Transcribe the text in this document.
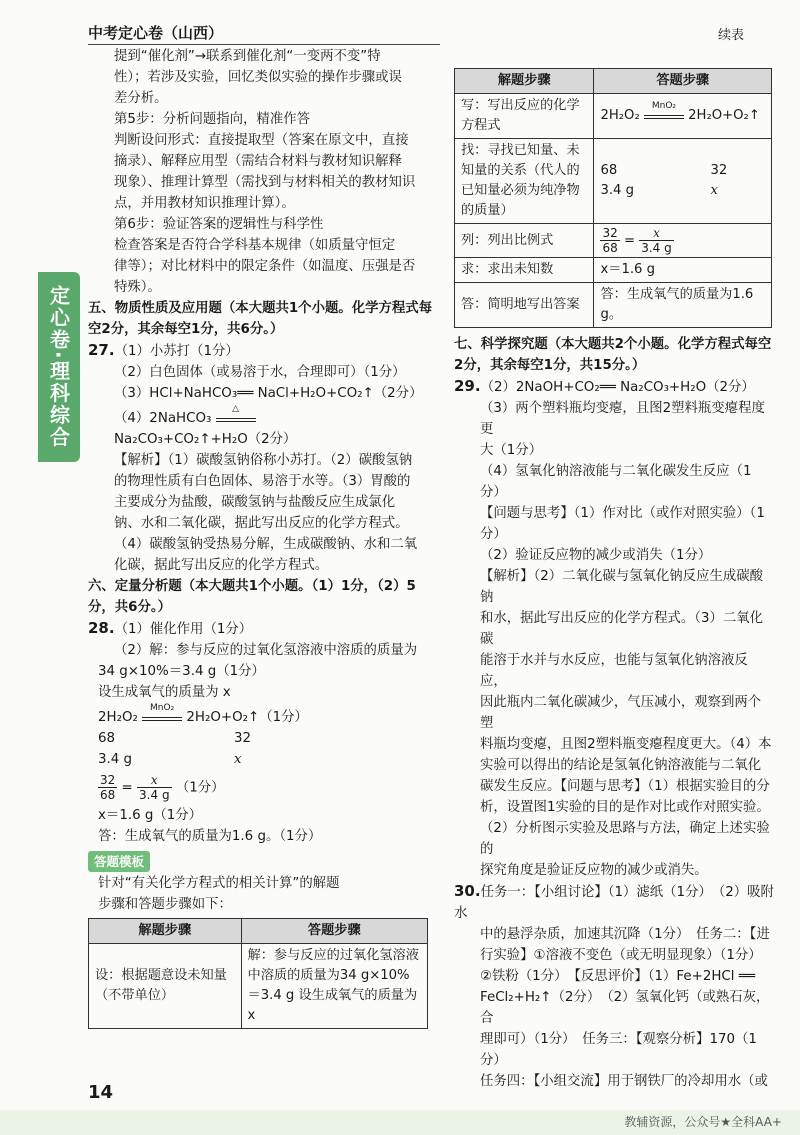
中考定心卷（山西）	续表
定心卷·理科综合

提到“催化剂”→联系到催化剂“一变两不变”特

性）；若涉及实验，回忆类似实验的操作步骤或误

差分析。

第5步：分析问题指向，精准作答

判断设问形式：直接提取型（答案在原文中，直接

摘录）、解释应用型（需结合材料与教材知识解释

现象）、推理计算型（需找到与材料相关的教材知识

点，并用教材知识推理计算）。

第6步：验证答案的逻辑性与科学性

检查答案是否符合学科基本规律（如质量守恒定

律等）；对比材料中的限定条件（如温度、压强是否

特殊）。

五、物质性质及应用题（本大题共1个小题。化学方程式每空2分，其余每空1分，共6分。）

27.（1）小苏打（1分）

（2）白色固体（或易溶于水，合理即可）（1分）

（3）HCl+NaHCO₃══ NaCl+H₂O+CO₂↑（2分）

（4）2NaHCO₃
△
Na₂CO₃+CO₂↑+H₂O（2分）

【解析】（1）碳酸氢钠俗称小苏打。（2）碳酸氢钠

的物理性质有白色固体、易溶于水等。（3）胃酸的

主要成分为盐酸，碳酸氢钠与盐酸反应生成氯化

钠、水和二氧化碳，据此写出反应的化学方程式。

（4）碳酸氢钠受热易分解，生成碳酸钠、水和二氧

化碳，据此写出反应的化学方程式。

六、定量分析题（本大题共1个小题。（1）1分，（2）5分，共6分。）

28.（1）催化作用（1分）

（2）解：参与反应的过氧化氢溶液中溶质的质量为

34 g×10%＝3.4 g（1分）

设生成氧气的质量为 x

2H₂O₂
MnO₂
2H₂O+O₂↑（1分）

68	32

3.4 g	x

$\frac{32}{68} = \frac{x}{3.4 g} (1$分）

x＝1.6 g（1分）

答：生成氧气的质量为1.6 g。（1分）

答题模板

针对“有关化学方程式的相关计算”的解题

步骤和答题步骤如下：

解题步骤	答题步骤
设：根据题意设未知量（不带单位）	解：参与反应的过氧化氢溶液中溶质的质量为34 g×10%＝3.4 g 设生成氧气的质量为 x
解题步骤	答题步骤
写：写出反应的化学方程式	2H₂O₂
MnO₂
2H₂O+O₂↑
找：寻找已知量、未知量的关系（代人的已知量必须为纯净物的质量）	68 32
3.4 g x

列：列出比例式	$\frac{32}{68} = \frac{x}{3.4 g}$

求：求出未知数	x＝1.6 g
答：简明地写出答案	答：生成氧气的质量为1.6 g。

七、科学探究题（本大题共2个小题。化学方程式每空2分，其余每空1分，共15分。）

29.（2）2NaOH+CO₂══ Na₂CO₃+H₂O（2分）

（3）两个塑料瓶均变瘪，且图2塑料瓶变瘪程度更

大（1分）

（4）氢氧化钠溶液能与二氧化碳发生反应（1

分）

【问题与思考】（1）作对比（或作对照实验）（1

分）

（2）验证反应物的减少或消失（1分）

【解析】（2）二氧化碳与氢氧化钠反应生成碳酸钠

和水，据此写出反应的化学方程式。（3）二氧化碳

能溶于水并与水反应，也能与氢氧化钠溶液反应，

因此瓶内二氧化碳减少，气压减小，观察到两个塑

料瓶均变瘪，且图2塑料瓶变瘪程度更大。（4）本

实验可以得出的结论是氢氧化钠溶液能与二氧化

碳发生反应。【问题与思考】（1）根据实验目的分

析，设置图1实验的目的是作对比或作对照实验。

（2）分析图示实验及思路与方法，确定上述实验的

探究角度是验证反应物的减少或消失。

30.任务一：【小组讨论】（1）滤纸（1分）　（2）吸附水

中的悬浮杂质，加速其沉降（1分）　任务二：【进

行实验】①溶液不变色（或无明显现象）（1分）

②铁粉（1分）　【反思评价】（1）Fe+2HCl ══

FeCl₂+H₂↑（2分）　（2）氢氧化钙（或熟石灰，合

理即可）（1分）　任务三：【观察分析】170（1分）

任务四：【小组交流】用于钢铁厂的冷却用水（或

14
教辅资源，公众号★全科AA+
